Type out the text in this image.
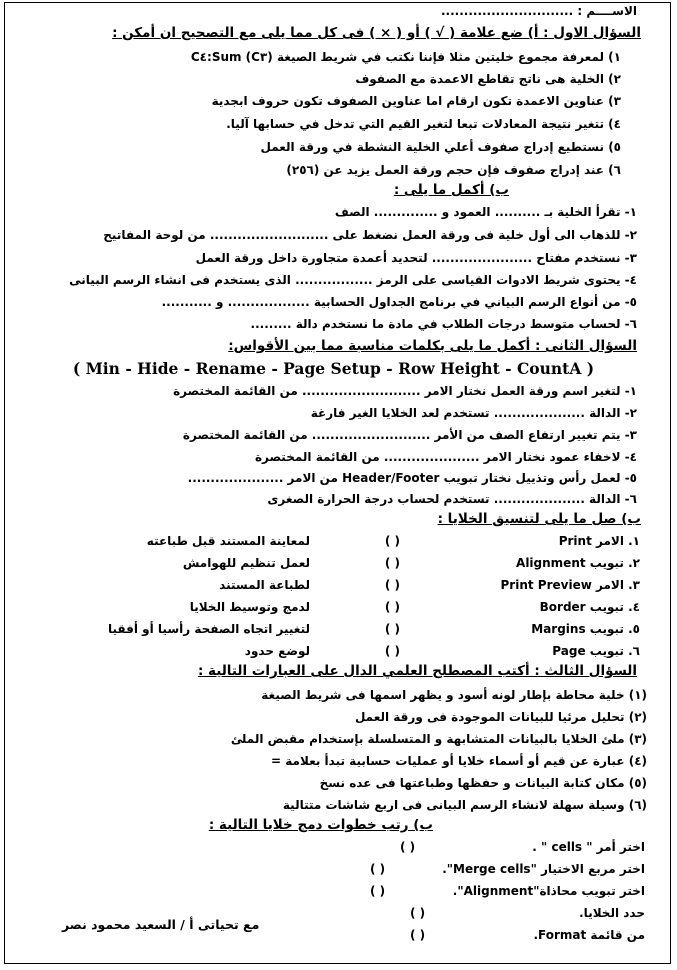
الاســــم : .............................
السؤال الاول : أ) ضع علامة ( √ ) أو ( × ) فى كل مما يلى مع التصحيح ان أمكن :
١) لمعرفة مجموع خليتين مثلا فإننا نكتب في شريط الصيغة (Sum (C٣:C٤
٢) الخلية هى ناتج تقاطع الاعمدة مع الصفوف
٣) عناوين الاعمدة تكون ارقام اما عناوين الصفوف تكون حروف ابجدية
٤) تتغير نتيجة المعادلات تبعا لتغير القيم التي تدخل في حسابها آليا.
٥) نستطيع إدراج صفوف أعلي الخلية النشطة في ورقة العمل
٦) عند إدراج صفوف فإن حجم ورقة العمل يزيد عن (٢٥٦)
ب) أكمل ما يلى :
١- تقرأ الخلية بـ .......... العمود و .............. الصف
٢- للذهاب الى أول خلية فى ورقة العمل نضغط على .......................... من لوحة المفاتيح
٣- نستخدم مفتاح ...................... لتحديد أعمدة متجاورة داخل ورقة العمل
٤- يحتوى شريط الادوات القياسى على الرمز ................. الذى يستخدم فى انشاء الرسم البيانى
٥- من أنواع الرسم البياني في برنامج الجداول الحسابية .................. و ...........
٦- لحساب متوسط درجات الطلاب في مادة ما نستخدم دالة .........
السؤال الثانى : أكمل ما يلى بكلمات مناسبة مما بين الأقواس:
( Min - Hide - Rename - Page Setup - Row Height - CountA )
١- لتغير اسم ورقة العمل نختار الامر .......................... من القائمة المختصرة
٢- الدالة .................... تستخدم لعد الخلايا الغير فارغة
٣- يتم تغيير ارتفاع الصف من الأمر .......................... من القائمة المختصرة
٤- لاخفاء عمود نختار الامر ..................... من القائمة المختصرة
٥- لعمل رأس وتذييل نختار تبويب Header/Footer من الامر .....................
٦- الدالة .................... تستخدم لحساب درجة الحرارة الصغرى
ب) صل ما يلى لتنسيق الخلايا :
١. الامر Print
( )
لمعاينة المستند قبل طباعته
٢. تبويب Alignment
( )
لعمل تنظيم للهوامش
٣. الامر Print Preview
( )
لطباعة المستند
٤. تبويب Border
( )
لدمج وتوسيط الخلايا
٥. تبويب Margins
( )
لتغيير اتجاه الصفحة رأسيا أو أفقيا
٦. تبويب Page
( )
لوضع حدود
السؤال الثالث : أكتب المصطلح العلمي الدال على العبارات التالية :
(١) خلية محاطة بإطار لونه أسود و يظهر اسمها فى شريط الصيغة
(٢) تحليل مرئيا للبيانات الموجودة فى ورقة العمل
(٣) ملئ الخلايا بالبيانات المتشابهة و المتسلسلة بإستخدام مقبض الملئ
(٤) عبارة عن قيم أو أسماء خلايا أو عمليات حسابية تبدأ بعلامة =
(٥) مكان كتابة البيانات و حفظها وطباعتها فى عده نسخ
(٦) وسيلة سهلة لانشاء الرسم البيانى فى اربع شاشات متتالية
ب) رتب خطوات دمج خلايا التالية :
اختر أمر " cells " .
( )
اختر مربع الاختيار "Merge cells".
( )
اختر تبويب محاذاة"Alignment".
( )
حدد الخلايا.
( )
من قائمة Format.
( )
مع تحياتى أ / السعيد محمود نصر
